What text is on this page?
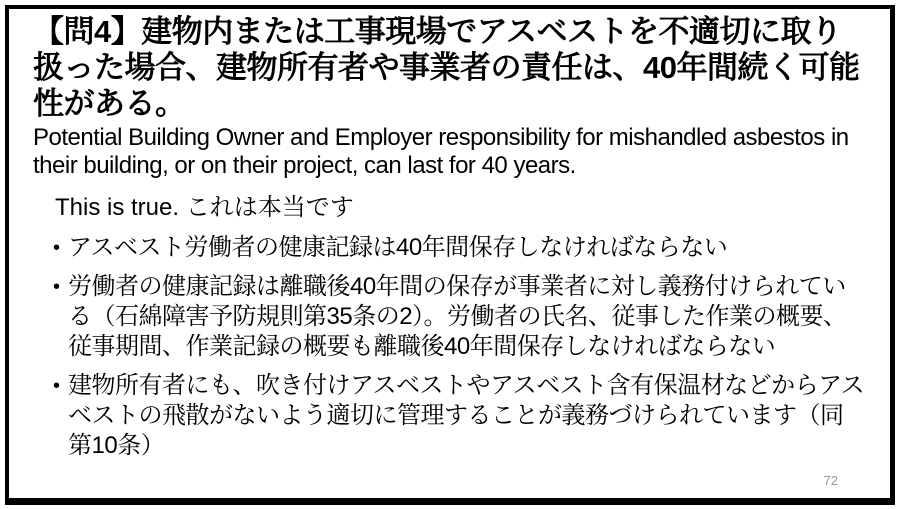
【問4】建物内または工事現場でアスベストを不適切に取り扱った場合、建物所有者や事業者の責任は、40年間続く可能性がある。

Potential Building Owner and Employer responsibility for mishandled asbestos in their building, or on their project, can last for 40 years.

This is true. これは本当です

• アスベスト労働者の健康記録は40年間保存しなければならない
• 労働者の健康記録は離職後40年間の保存が事業者に対し義務付けられている（石綿障害予防規則第35条の2）。労働者の氏名、従事した作業の概要、従事期間、作業記録の概要も離職後40年間保存しなければならない
• 建物所有者にも、吹き付けアスベストやアスベスト含有保温材などからアスベストの飛散がないよう適切に管理することが義務づけられています（同第10条）
72
